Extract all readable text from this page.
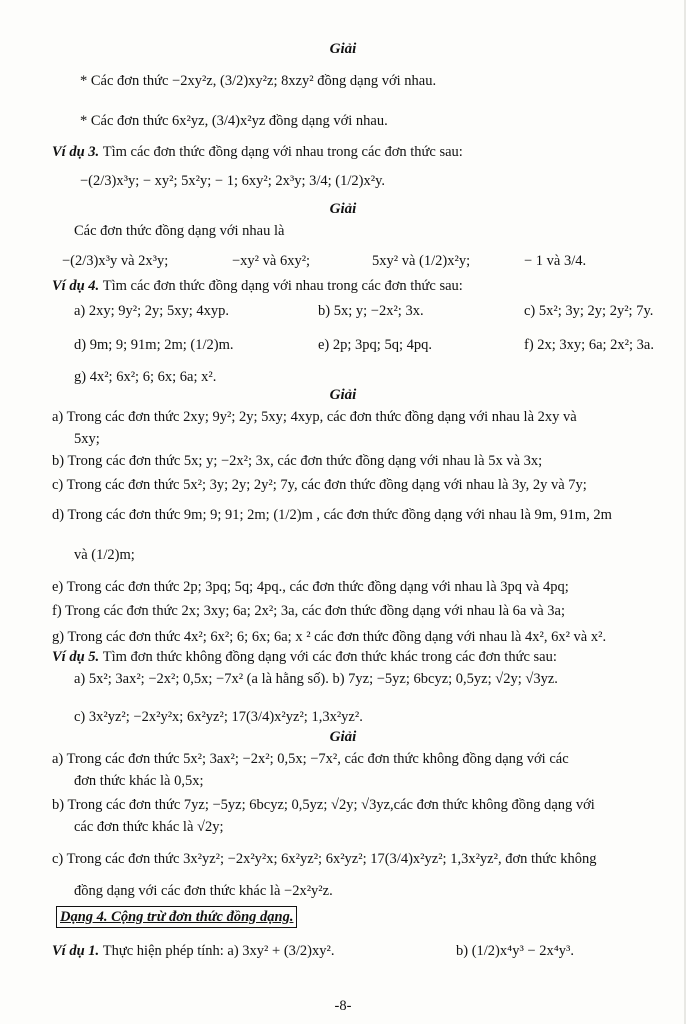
Giải
* Các đơn thức −2xy²z, (3/2)xy²z; 8xzy² đồng dạng với nhau.
* Các đơn thức 6x²yz, (3/4)x²yz đồng dạng với nhau.
Ví dụ 3. Tìm các đơn thức đồng dạng với nhau trong các đơn thức sau:
−(2/3)x³y; − xy²; 5x²y; − 1; 6xy²; 2x³y; 3/4; (1/2)x²y.
Giải
Các đơn thức đồng dạng với nhau là
−(2/3)x³y và 2x³y;	−xy² và 6xy²;	5xy² và (1/2)x²y;	− 1 và 3/4.
Ví dụ 4. Tìm các đơn thức đồng dạng với nhau trong các đơn thức sau:
a) 2xy; 9y²; 2y; 5xy; 4xyp.	b) 5x; y; −2x²; 3x.	c) 5x²; 3y; 2y; 2y²; 7y.
d) 9m; 9; 91m; 2m; (1/2)m.	e) 2p; 3pq; 5q; 4pq.	f) 2x; 3xy; 6a; 2x²; 3a.
g) 4x²; 6x²; 6; 6x; 6a; x².
Giải
a) Trong các đơn thức 2xy; 9y²; 2y; 5xy; 4xyp, các đơn thức đồng dạng với nhau là 2xy và
5xy;
b) Trong các đơn thức 5x; y; −2x²; 3x, các đơn thức đồng dạng với nhau là 5x và 3x;
c) Trong các đơn thức 5x²; 3y; 2y; 2y²; 7y, các đơn thức đồng dạng với nhau là 3y, 2y và 7y;
d) Trong các đơn thức 9m; 9; 91; 2m; (1/2)m , các đơn thức đồng dạng với nhau là 9m, 91m, 2m
và (1/2)m;
e) Trong các đơn thức 2p; 3pq; 5q; 4pq., các đơn thức đồng dạng với nhau là 3pq và 4pq;
f) Trong các đơn thức 2x; 3xy; 6a; 2x²; 3a, các đơn thức đồng dạng với nhau là 6a và 3a;
g) Trong các đơn thức 4x²; 6x²; 6; 6x; 6a; x ² các đơn thức đồng dạng với nhau là 4x², 6x² và x².
Ví dụ 5. Tìm đơn thức không đồng dạng với các đơn thức khác trong các đơn thức sau:
a) 5x²; 3ax²; −2x²; 0,5x; −7x² (a là hằng số). b) 7yz; −5yz; 6bcyz; 0,5yz; √2y; √3yz.
c) 3x²yz²; −2x²y²x; 6x²yz²; 17(3/4)x²yz²; 1,3x²yz².
Giải
a) Trong các đơn thức 5x²; 3ax²; −2x²; 0,5x; −7x², các đơn thức không đồng dạng với các
đơn thức khác là 0,5x;
b) Trong các đơn thức 7yz; −5yz; 6bcyz; 0,5yz; √2y; √3yz,các đơn thức không đồng dạng với
các đơn thức khác là √2y;
c) Trong các đơn thức 3x²yz²; −2x²y²x; 6x²yz²; 6x²yz²; 17(3/4)x²yz²; 1,3x²yz², đơn thức không
đồng dạng với các đơn thức khác là −2x²y²z.
Ví dụ 1. Thực hiện phép tính: a) 3xy² + (3/2)xy².	b) (1/2)x⁴y³ − 2x⁴y³.
Dạng 4. Cộng trừ đơn thức đồng dạng.
-8-
